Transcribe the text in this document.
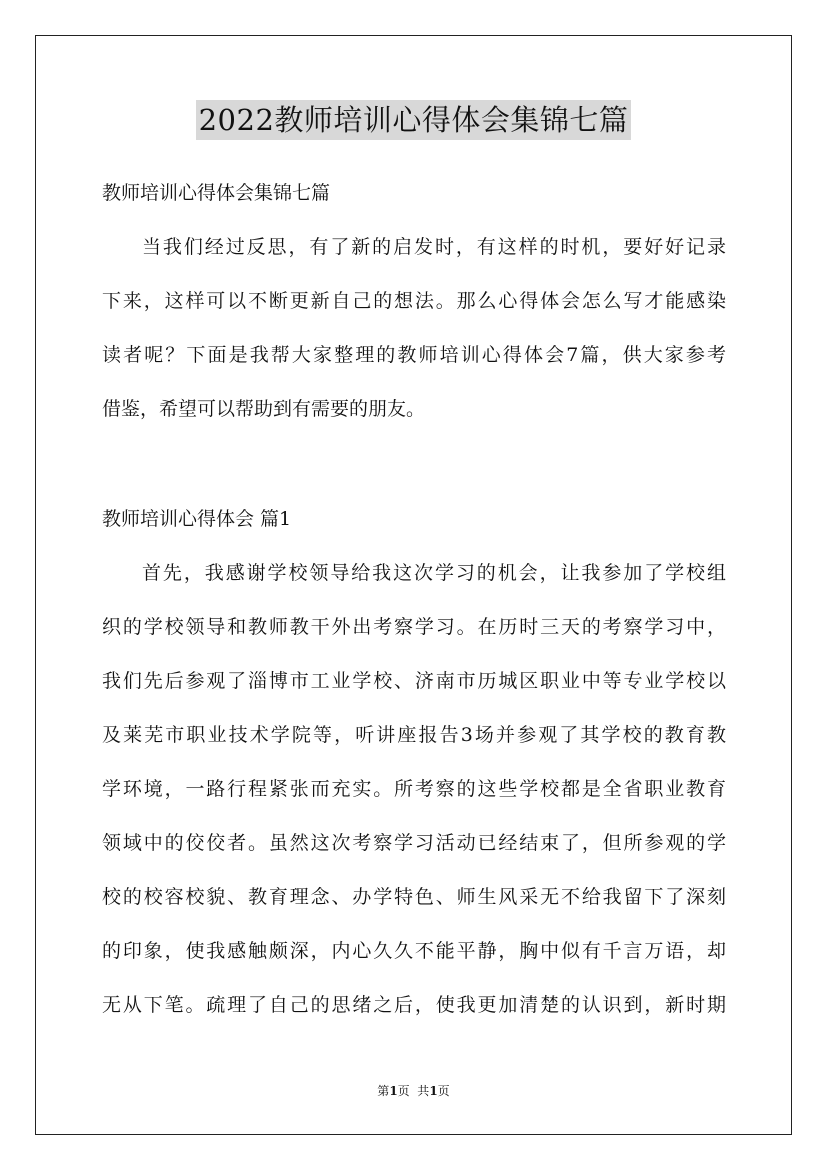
2022教师培训心得体会集锦七篇
教师培训心得体会集锦七篇
当我们经过反思，有了新的启发时，有这样的时机，要好好记录
下来，这样可以不断更新自己的想法。那么心得体会怎么写才能感染
读者呢？下面是我帮大家整理的教师培训心得体会7篇，供大家参考
借鉴，希望可以帮助到有需要的朋友。
教师培训心得体会 篇1
首先，我感谢学校领导给我这次学习的机会，让我参加了学校组
织的学校领导和教师教干外出考察学习。在历时三天的考察学习中，
我们先后参观了淄博市工业学校、济南市历城区职业中等专业学校以
及莱芜市职业技术学院等，听讲座报告3场并参观了其学校的教育教
学环境，一路行程紧张而充实。所考察的这些学校都是全省职业教育
领域中的佼佼者。虽然这次考察学习活动已经结束了，但所参观的学
校的校容校貌、教育理念、办学特色、师生风采无不给我留下了深刻
的印象，使我感触颇深，内心久久不能平静，胸中似有千言万语，却
无从下笔。疏理了自己的思绪之后，使我更加清楚的认识到，新时期
第1页  共1页
